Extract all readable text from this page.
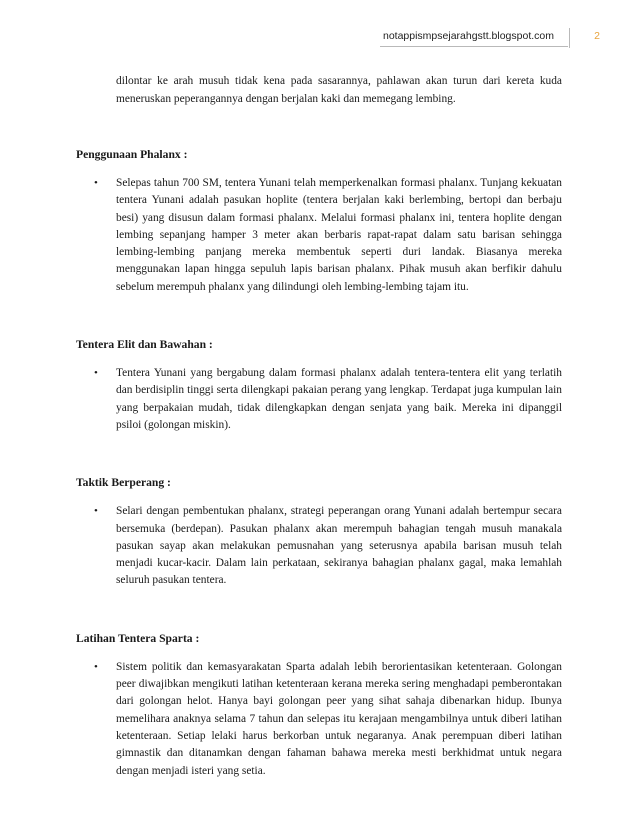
notappismpsejarahgstt.blogspot.com	2

dilontar ke arah musuh tidak kena pada sasarannya, pahlawan akan turun dari kereta kuda meneruskan peperangannya dengan berjalan kaki dan memegang lembing.

Penggunaan Phalanx :
• Selepas tahun 700 SM, tentera Yunani telah memperkenalkan formasi phalanx. Tunjang kekuatan tentera Yunani adalah pasukan hoplite (tentera berjalan kaki berlembing, bertopi dan berbaju besi) yang disusun dalam formasi phalanx. Melalui formasi phalanx ini, tentera hoplite dengan lembing sepanjang hamper 3 meter akan berbaris rapat-rapat dalam satu barisan sehingga lembing-lembing panjang mereka membentuk seperti duri landak. Biasanya mereka menggunakan lapan hingga sepuluh lapis barisan phalanx. Pihak musuh akan berfikir dahulu sebelum merempuh phalanx yang dilindungi oleh lembing-lembing tajam itu.
Tentera Elit dan Bawahan :
• Tentera Yunani yang bergabung dalam formasi phalanx adalah tentera-tentera elit yang terlatih dan berdisiplin tinggi serta dilengkapi pakaian perang yang lengkap. Terdapat juga kumpulan lain yang berpakaian mudah, tidak dilengkapkan dengan senjata yang baik. Mereka ini dipanggil psiloi (golongan miskin).
Taktik Berperang :
• Selari dengan pembentukan phalanx, strategi peperangan orang Yunani adalah bertempur secara bersemuka (berdepan). Pasukan phalanx akan merempuh bahagian tengah musuh manakala pasukan sayap akan melakukan pemusnahan yang seterusnya apabila barisan musuh telah menjadi kucar-kacir. Dalam lain perkataan, sekiranya bahagian phalanx gagal, maka lemahlah seluruh pasukan tentera.
Latihan Tentera Sparta :
• Sistem politik dan kemasyarakatan Sparta adalah lebih berorientasikan ketenteraan. Golongan peer diwajibkan mengikuti latihan ketenteraan kerana mereka sering menghadapi pemberontakan dari golongan helot. Hanya bayi golongan peer yang sihat sahaja dibenarkan hidup. Ibunya memelihara anaknya selama 7 tahun dan selepas itu kerajaan mengambilnya untuk diberi latihan ketenteraan. Setiap lelaki harus berkorban untuk negaranya. Anak perempuan diberi latihan gimnastik dan ditanamkan dengan fahaman bahawa mereka mesti berkhidmat untuk negara dengan menjadi isteri yang setia.
